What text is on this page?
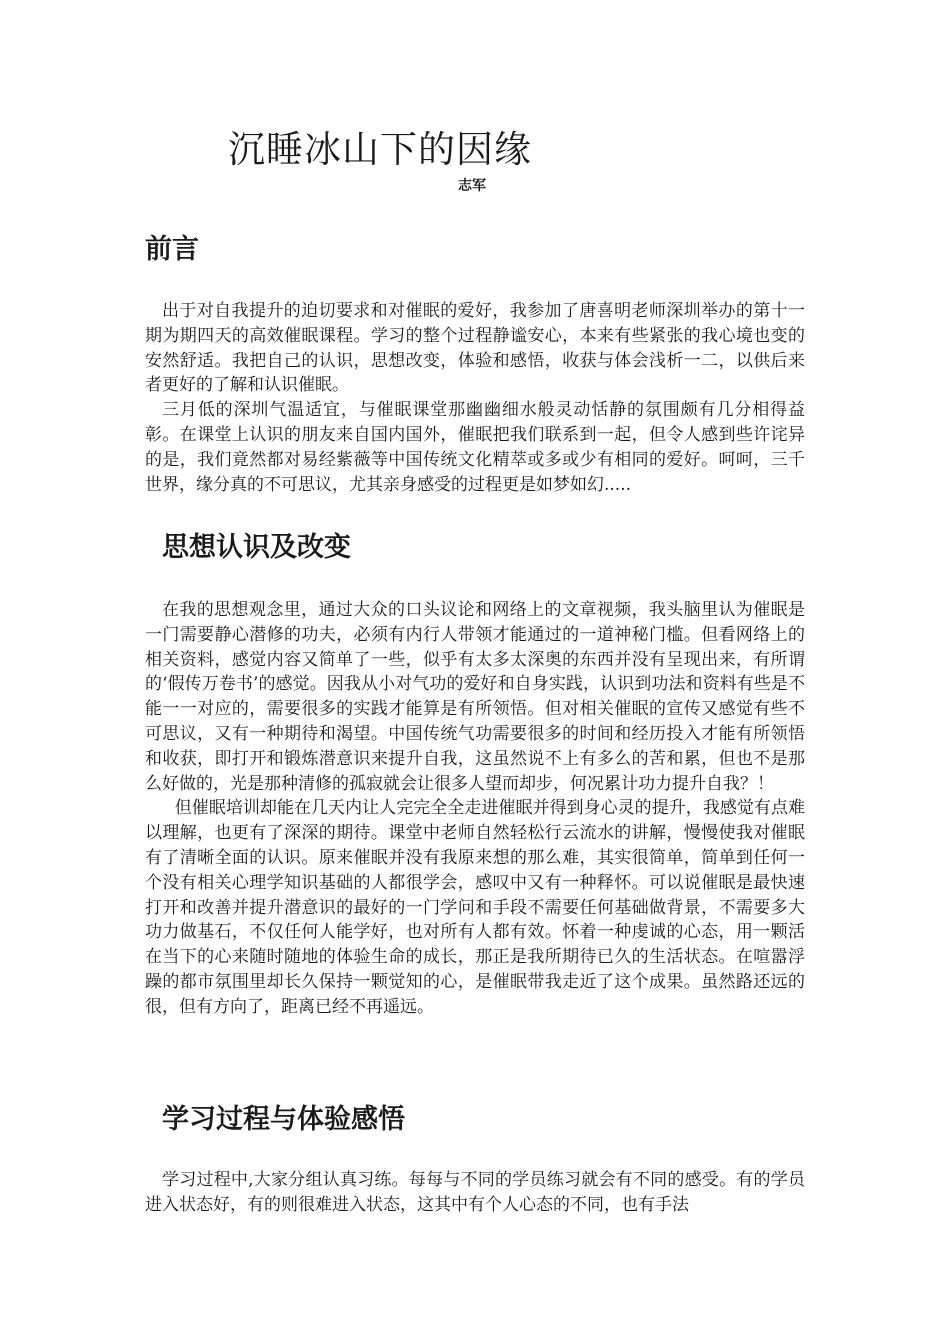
沉睡冰山下的因缘
志军
前言

出于对自我提升的迫切要求和对催眠的爱好，我参加了唐喜明老师深圳举办的第十一期为期四天的高效催眠课程。学习的整个过程静谧安心，本来有些紧张的我心境也变的安然舒适。我把自己的认识，思想改变，体验和感悟，收获与体会浅析一二，以供后来者更好的了解和认识催眠。

三月低的深圳气温适宜，与催眠课堂那幽幽细水般灵动恬静的氛围颇有几分相得益彰。在课堂上认识的朋友来自国内国外，催眠把我们联系到一起，但令人感到些许诧异的是，我们竟然都对易经紫薇等中国传统文化精萃或多或少有相同的爱好。呵呵，三千世界，缘分真的不可思议，尤其亲身感受的过程更是如梦如幻.....

思想认识及改变

在我的思想观念里，通过大众的口头议论和网络上的文章视频，我头脑里认为催眠是一门需要静心潜修的功夫，必须有内行人带领才能通过的一道神秘门槛。但看网络上的相关资料，感觉内容又简单了一些，似乎有太多太深奥的东西并没有呈现出来，有所谓的‘假传万卷书’的感觉。因我从小对气功的爱好和自身实践，认识到功法和资料有些是不能一一对应的，需要很多的实践才能算是有所领悟。但对相关催眠的宣传又感觉有些不可思议，又有一种期待和渴望。中国传统气功需要很多的时间和经历投入才能有所领悟和收获，即打开和锻炼潜意识来提升自我，这虽然说不上有多么的苦和累，但也不是那么好做的，光是那种清修的孤寂就会让很多人望而却步，何况累计功力提升自我？！

但催眠培训却能在几天内让人完完全全走进催眠并得到身心灵的提升，我感觉有点难以理解，也更有了深深的期待。课堂中老师自然轻松行云流水的讲解，慢慢使我对催眠有了清晰全面的认识。原来催眠并没有我原来想的那么难，其实很简单，简单到任何一个没有相关心理学知识基础的人都很学会，感叹中又有一种释怀。可以说催眠是最快速打开和改善并提升潜意识的最好的一门学问和手段不需要任何基础做背景，不需要多大功力做基石，不仅任何人能学好，也对所有人都有效。怀着一种虔诚的心态，用一颗活在当下的心来随时随地的体验生命的成长，那正是我所期待已久的生活状态。在喧嚣浮躁的都市氛围里却长久保持一颗觉知的心，是催眠带我走近了这个成果。虽然路还远的很，但有方向了，距离已经不再遥远。

学习过程与体验感悟

学习过程中,大家分组认真习练。每每与不同的学员练习就会有不同的感受。有的学员进入状态好，有的则很难进入状态，这其中有个人心态的不同，也有手法
